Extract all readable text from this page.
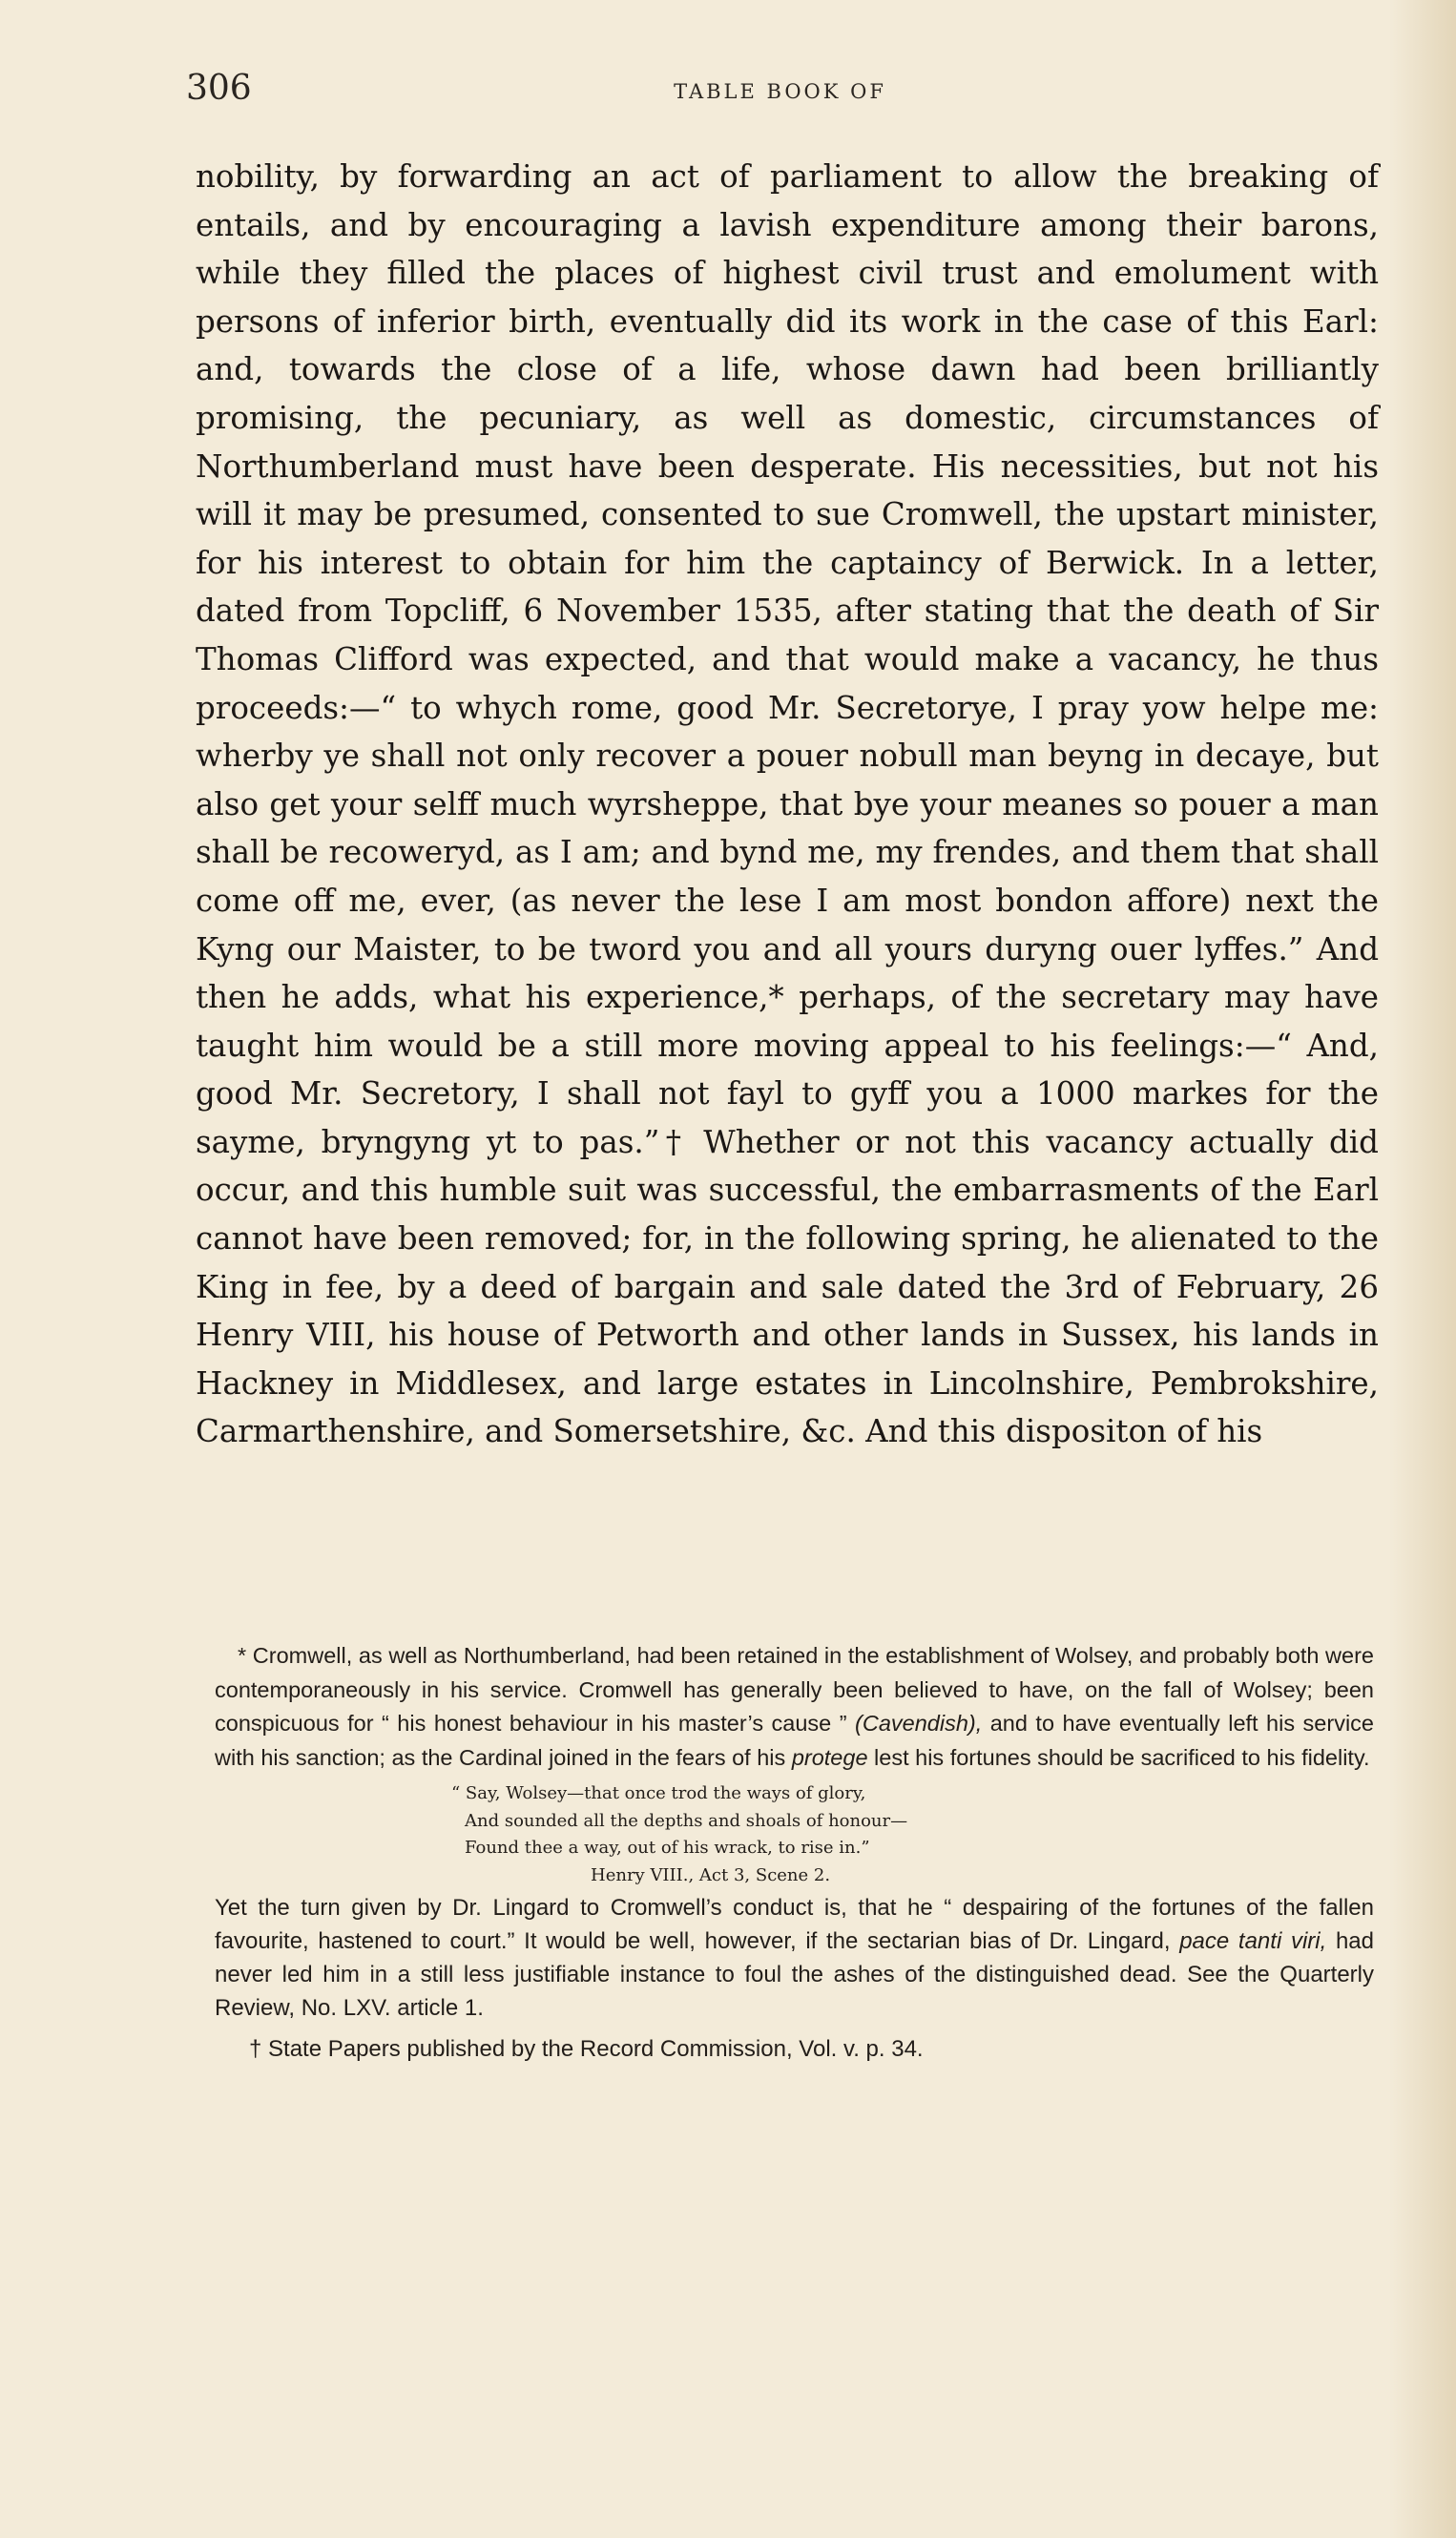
306	TABLE BOOK OF

nobility, by forwarding an act of parliament to allow the breaking of entails, and by encouraging a lavish expenditure among their barons, while they filled the places of highest civil trust and emolument with persons of inferior birth, eventually did its work in the case of this Earl: and, towards the close of a life, whose dawn had been brilliantly promising, the pecuniary, as well as domestic, circumstances of Northumberland must have been desperate. His necessities, but not his will it may be presumed, consented to sue Cromwell, the upstart minister, for his interest to obtain for him the captaincy of Berwick. In a letter, dated from Topcliff, 6 November 1535, after stating that the death of Sir Thomas Clifford was expected, and that would make a vacancy, he thus proceeds:—“ to whych rome, good Mr. Secretorye, I pray yow helpe me: wherby ye shall not only recover a pouer nobull man beyng in decaye, but also get your selff much wyrsheppe, that bye your meanes so pouer a man shall be recoweryd, as I am; and bynd me, my frendes, and them that shall come off me, ever, (as never the lese I am most bondon affore) next the Kyng our Maister, to be tword you and all yours duryng ouer lyffes.” And then he adds, what his experience,* perhaps, of the secretary may have taught him would be a still more moving appeal to his feelings:—“ And, good Mr. Secretory, I shall not fayl to gyff you a 1000 markes for the sayme, bryngyng yt to pas.”† Whether or not this vacancy actually did occur, and this humble suit was successful, the embarrasments of the Earl cannot have been removed; for, in the following spring, he alienated to the King in fee, by a deed of bargain and sale dated the 3rd of February, 26 Henry VIII, his house of Petworth and other lands in Sussex, his lands in Hackney in Middlesex, and large estates in Lincolnshire, Pembrokshire, Carmarthenshire, and Somersetshire, &c. And this dispositon of his

* Cromwell, as well as Northumberland, had been retained in the establishment of Wolsey, and probably both were contemporaneously in his service. Cromwell has generally been believed to have, on the fall of Wolsey; been conspicuous for “ his honest behaviour in his master’s cause ” (Cavendish), and to have eventually left his service with his sanction; as the Cardinal joined in the fears of his protege lest his fortunes should be sacrificed to his fidelity.

“ Say, Wolsey—that once trod the ways of glory,
And sounded all the depths and shoals of honour—
Found thee a way, out of his wrack, to rise in.”
Henry VIII., Act 3, Scene 2.

Yet the turn given by Dr. Lingard to Cromwell’s conduct is, that he “ despairing of the fortunes of the fallen favourite, hastened to court.” It would be well, however, if the sectarian bias of Dr. Lingard, pace tanti viri, had never led him in a still less justifiable instance to foul the ashes of the distinguished dead. See the Quarterly Review, No. LXV. article 1.

† State Papers published by the Record Commission, Vol. v. p. 34.
